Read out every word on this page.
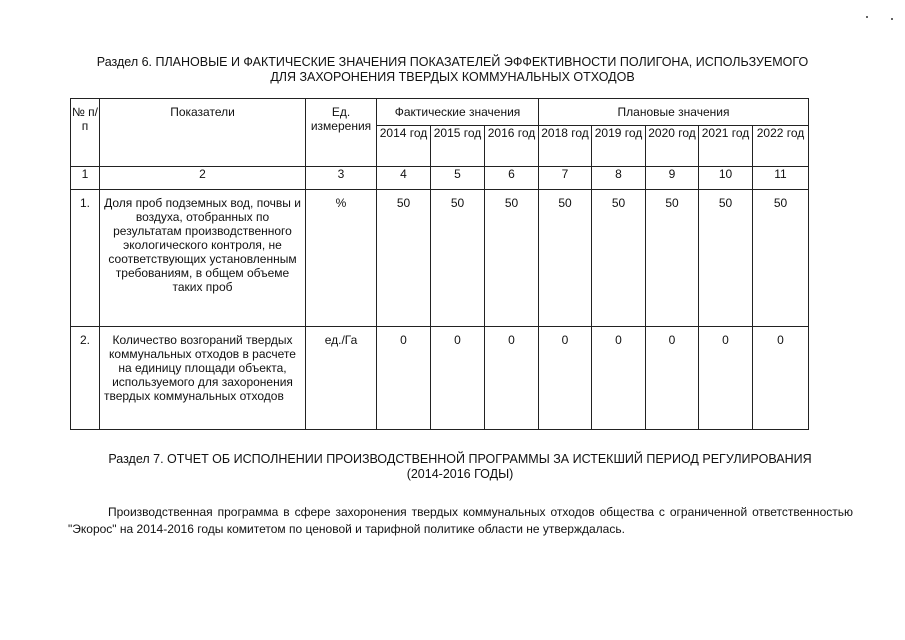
Раздел 6. ПЛАНОВЫЕ И ФАКТИЧЕСКИЕ ЗНАЧЕНИЯ ПОКАЗАТЕЛЕЙ ЭФФЕКТИВНОСТИ ПОЛИГОНА, ИСПОЛЬЗУЕМОГО
ДЛЯ ЗАХОРОНЕНИЯ ТВЕРДЫХ КОММУНАЛЬНЫХ ОТХОДОВ
№ п/п	Показатели	Ед. измерения	Фактические значения			Плановые значения				
			2014 год	2015 год	2016 год	2018 год	2019 год	2020 год	2021 год	2022 год
1	2	3	4	5	6	7	8	9	10	11
1.	Доля проб подземных вод, почвы и воздуха, отобранных по результатам производственного экологического контроля, не соответствующих установленным требованиям, в общем объеме таких проб	%	50	50	50	50	50	50	50	50
2.	Количество возгораний твердых коммунальных отходов в расчете на единицу площади объекта, используемого для захоронения твердых коммунальных отходов	ед./Га	0	0	0	0	0	0	0	0
Раздел 7. ОТЧЕТ ОБ ИСПОЛНЕНИИ ПРОИЗВОДСТВЕННОЙ ПРОГРАММЫ ЗА ИСТЕКШИЙ ПЕРИОД РЕГУЛИРОВАНИЯ
(2014-2016 ГОДЫ)

Производственная программа в сфере захоронения твердых коммунальных отходов общества с ограниченной ответственностью "Экорос" на 2014-2016 годы комитетом по ценовой и тарифной политике области не утверждалась.
